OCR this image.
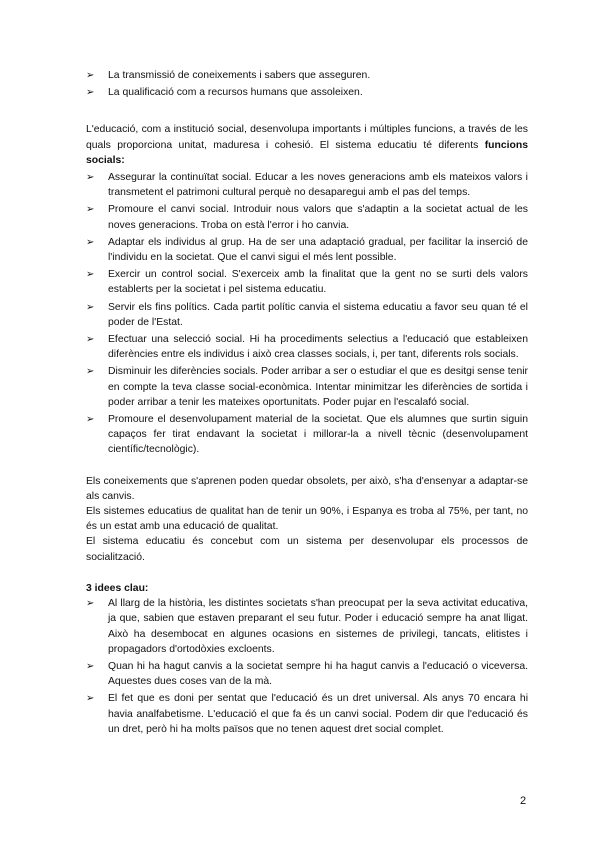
➢ La transmissió de coneixements i sabers que asseguren.
➢ La qualificació com a recursos humans que assoleixen.

L'educació, com a institució social, desenvolupa importants i múltiples funcions, a través de les quals proporciona unitat, maduresa i cohesió. El sistema educatiu té diferents funcions socials:

➢ Assegurar la continuïtat social. Educar a les noves generacions amb els mateixos valors i transmetent el patrimoni cultural perquè no desaparegui amb el pas del temps.
➢ Promoure el canvi social. Introduir nous valors que s'adaptin a la societat actual de les noves generacions. Troba on està l'error i ho canvia.
➢ Adaptar els individus al grup. Ha de ser una adaptació gradual, per facilitar la inserció de l'individu en la societat. Que el canvi sigui el més lent possible.
➢ Exercir un control social. S'exerceix amb la finalitat que la gent no se surti dels valors establerts per la societat i pel sistema educatiu.
➢ Servir els fins polítics. Cada partit polític canvia el sistema educatiu a favor seu quan té el poder de l'Estat.
➢ Efectuar una selecció social. Hi ha procediments selectius a l'educació que estableixen diferències entre els individus i això crea classes socials, i, per tant, diferents rols socials.
➢ Disminuir les diferències socials. Poder arribar a ser o estudiar el que es desitgi sense tenir en compte la teva classe social-econòmica. Intentar minimitzar les diferències de sortida i poder arribar a tenir les mateixes oportunitats. Poder pujar en l'escalafó social.
➢ Promoure el desenvolupament material de la societat. Que els alumnes que surtin siguin capaços fer tirat endavant la societat i millorar-la a nivell tècnic (desenvolupament científic/tecnològic).

Els coneixements que s'aprenen poden quedar obsolets, per això, s'ha d'ensenyar a adaptar-se als canvis.

Els sistemes educatius de qualitat han de tenir un 90%, i Espanya es troba al 75%, per tant, no és un estat amb una educació de qualitat.

El sistema educatiu és concebut com un sistema per desenvolupar els processos de socialització.

3 idees clau:

➢ Al llarg de la història, les distintes societats s'han preocupat per la seva activitat educativa, ja que, sabien que estaven preparant el seu futur. Poder i educació sempre ha anat lligat. Això ha desembocat en algunes ocasions en sistemes de privilegi, tancats, elitistes i propagadors d'ortodòxies excloents.
➢ Quan hi ha hagut canvis a la societat sempre hi ha hagut canvis a l'educació o viceversa. Aquestes dues coses van de la mà.
➢ El fet que es doni per sentat que l'educació és un dret universal. Als anys 70 encara hi havia analfabetisme. L'educació el que fa és un canvi social. Podem dir que l'educació és un dret, però hi ha molts països que no tenen aquest dret social complet.
2
